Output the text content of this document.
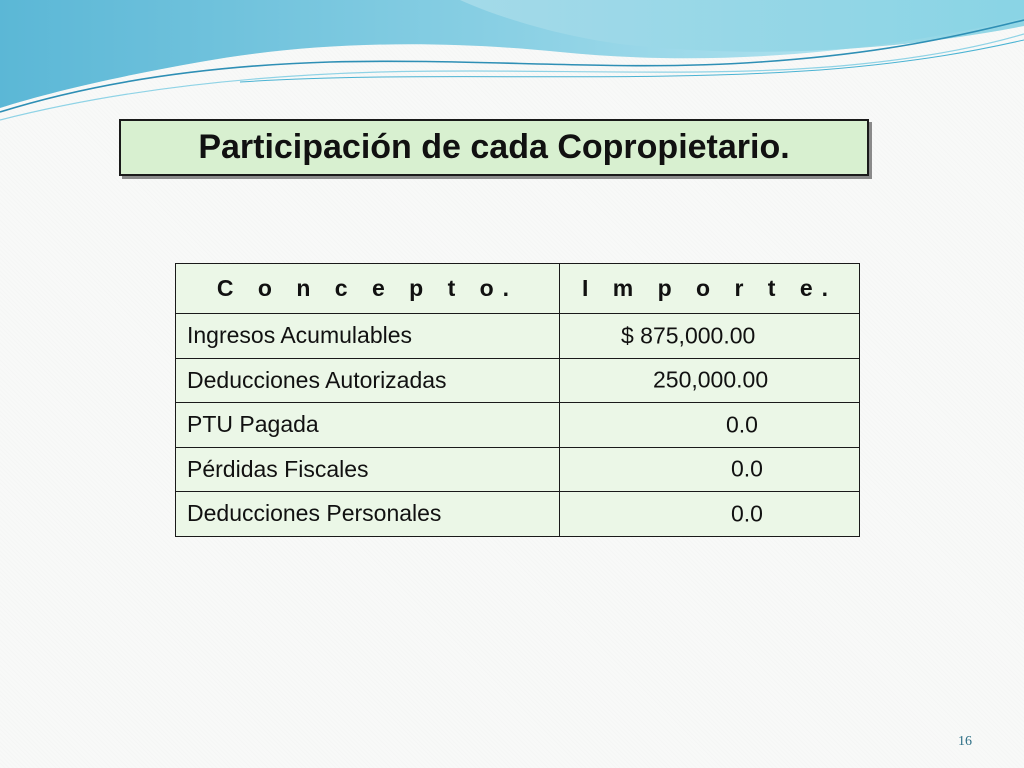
Participación de cada Copropietario.
C o n c e p t o.	I m p o r t e.
Ingresos Acumulables	$ 875,000.00

Deducciones Autorizadas	250,000.00

PTU Pagada	0.0

Pérdidas Fiscales	0.0

Deducciones Personales	0.0
16
